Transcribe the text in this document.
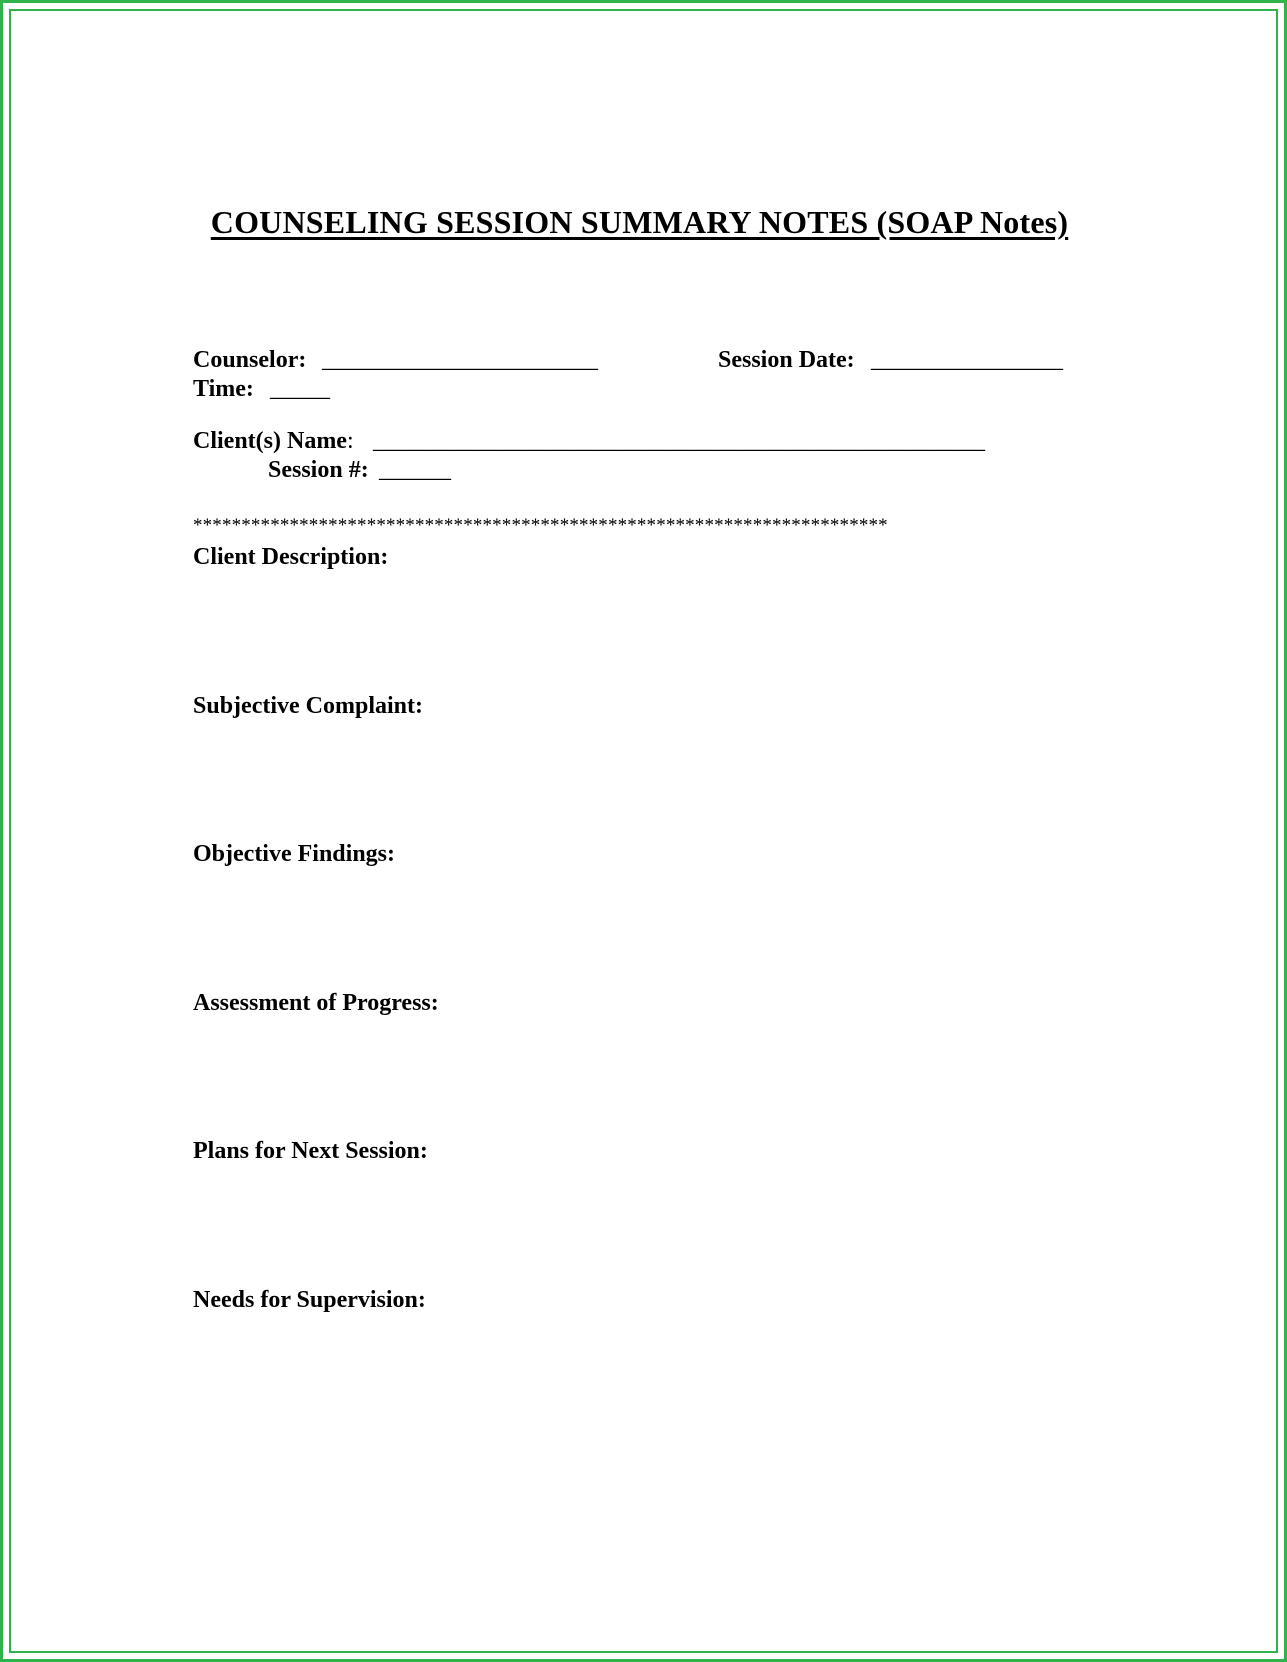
COUNSELING SESSION SUMMARY NOTES (SOAP Notes)
Counselor: _______________________	Session Date: ________________
Time: _____
Client(s) Name: ___________________________________________________
Session #: ______
************************************************************************
Client Description:
Subjective Complaint:
Objective Findings:
Assessment of Progress:
Plans for Next Session:
Needs for Supervision:
